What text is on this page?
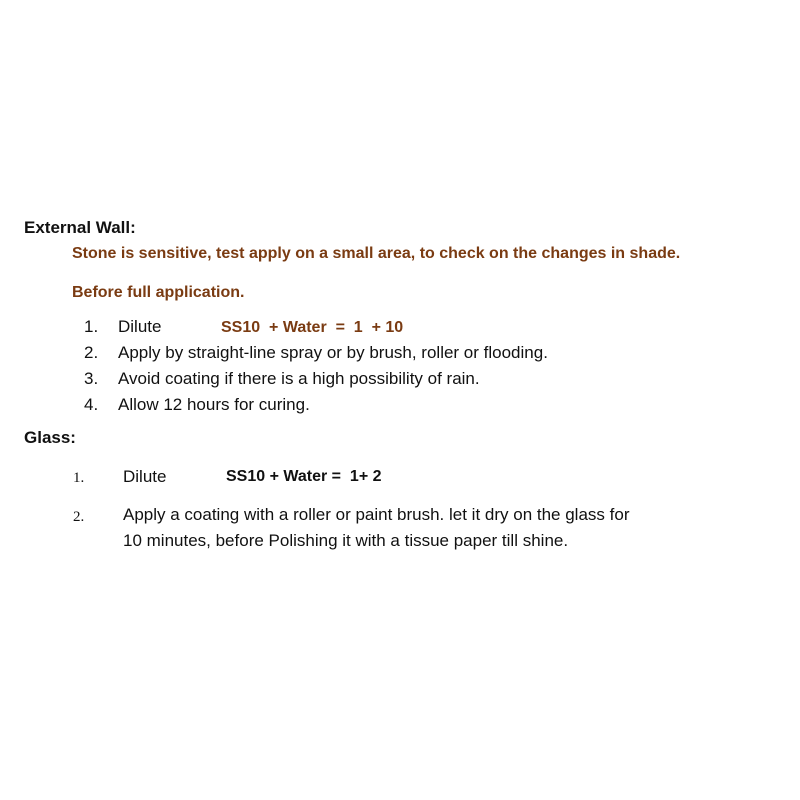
External Wall:
Stone is sensitive, test apply on a small area, to check on the changes in shade.
Before full application.
1. Dilute	SS10  + Water  =  1  + 10
2. Apply by straight-line spray or by brush, roller or flooding.
3. Avoid coating if there is a high possibility of rain.
4. Allow 12 hours for curing.
Glass:
1. Dilute	SS10 + Water =  1+ 2
2. Apply a coating with a roller or paint brush. let it dry on the glass for
10 minutes, before Polishing it with a tissue paper till shine.
